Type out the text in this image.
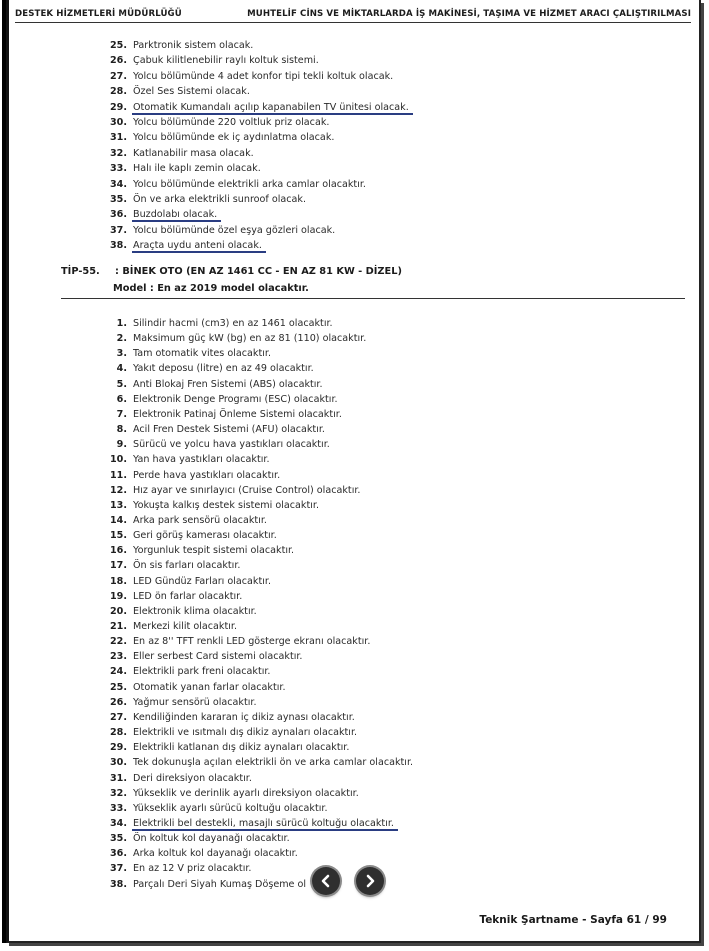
DESTEK HİZMETLERİ MÜDÜRLÜĞÜ	MUHTELİF CİNS VE MİKTARLARDA İŞ MAKİNESİ, TAŞIMA VE HİZMET ARACI ÇALIŞTIRILMASI
25. Parktronik sistem olacak.
26. Çabuk kilitlenebilir raylı koltuk sistemi.
27. Yolcu bölümünde 4 adet konfor tipi tekli koltuk olacak.
28. Özel Ses Sistemi olacak.
29. Otomatik Kumandalı açılıp kapanabilen TV ünitesi olacak.
30. Yolcu bölümünde 220 voltluk priz olacak.
31. Yolcu bölümünde ek iç aydınlatma olacak.
32. Katlanabilir masa olacak.
33. Halı ile kaplı zemin olacak.
34. Yolcu bölümünde elektrikli arka camlar olacaktır.
35. Ön ve arka elektrikli sunroof olacak.
36. Buzdolabı olacak.
37. Yolcu bölümünde özel eşya gözleri olacak.
38. Araçta uydu anteni olacak.
TİP-55. : BİNEK OTO (EN AZ 1461 CC - EN AZ 81 KW - DİZEL)
Model : En az 2019 model olacaktır.
1. Silindir hacmi (cm3) en az 1461 olacaktır.
2. Maksimum güç kW (bg) en az 81 (110) olacaktır.
3. Tam otomatik vites olacaktır.
4. Yakıt deposu (litre) en az 49 olacaktır.
5. Anti Blokaj Fren Sistemi (ABS) olacaktır.
6. Elektronik Denge Programı (ESC) olacaktır.
7. Elektronik Patinaj Önleme Sistemi olacaktır.
8. Acil Fren Destek Sistemi (AFU) olacaktır.
9. Sürücü ve yolcu hava yastıkları olacaktır.
10. Yan hava yastıkları olacaktır.
11. Perde hava yastıkları olacaktır.
12. Hız ayar ve sınırlayıcı (Cruise Control) olacaktır.
13. Yokuşta kalkış destek sistemi olacaktır.
14. Arka park sensörü olacaktır.
15. Geri görüş kamerası olacaktır.
16. Yorgunluk tespit sistemi olacaktır.
17. Ön sis farları olacaktır.
18. LED Gündüz Farları olacaktır.
19. LED ön farlar olacaktır.
20. Elektronik klima olacaktır.
21. Merkezi kilit olacaktır.
22. En az 8'' TFT renkli LED gösterge ekranı olacaktır.
23. Eller serbest Card sistemi olacaktır.
24. Elektrikli park freni olacaktır.
25. Otomatik yanan farlar olacaktır.
26. Yağmur sensörü olacaktır.
27. Kendiliğinden kararan iç dikiz aynası olacaktır.
28. Elektrikli ve ısıtmalı dış dikiz aynaları olacaktır.
29. Elektrikli katlanan dış dikiz aynaları olacaktır.
30. Tek dokunuşla açılan elektrikli ön ve arka camlar olacaktır.
31. Deri direksiyon olacaktır.
32. Yükseklik ve derinlik ayarlı direksiyon olacaktır.
33. Yükseklik ayarlı sürücü koltuğu olacaktır.
34. Elektrikli bel destekli, masajlı sürücü koltuğu olacaktır.
35. Ön koltuk kol dayanağı olacaktır.
36. Arka koltuk kol dayanağı olacaktır.
37. En az 12 V priz olacaktır.
38. Parçalı Deri Siyah Kumaş Döşeme ol
Teknik Şartname - Sayfa 61 / 99
